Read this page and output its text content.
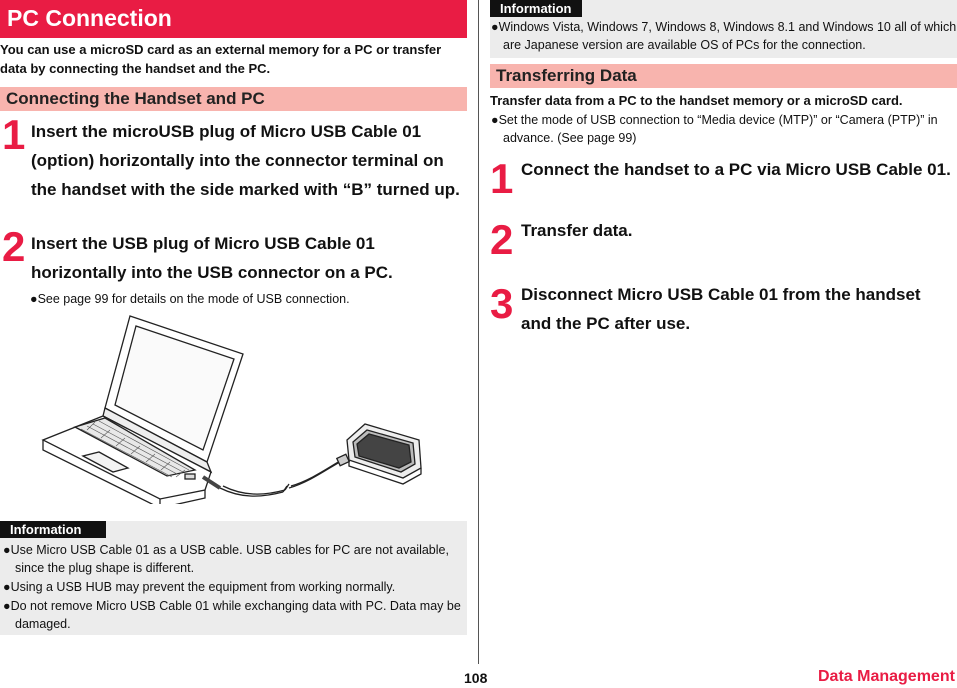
PC Connection
You can use a microSD card as an external memory for a PC or transfer data by connecting the handset and the PC.
Connecting the Handset and PC
1 Insert the microUSB plug of Micro USB Cable 01 (option) horizontally into the connector terminal on the handset with the side marked with “B” turned up.
2 Insert the USB plug of Micro USB Cable 01 horizontally into the USB connector on a PC.
●See page 99 for details on the mode of USB connection.
Information
●Use Micro USB Cable 01 as a USB cable. USB cables for PC are not available, since the plug shape is different.
●Using a USB HUB may prevent the equipment from working normally.
●Do not remove Micro USB Cable 01 while exchanging data with PC. Data may be damaged.
Information
●Windows Vista, Windows 7, Windows 8, Windows 8.1 and Windows 10 all of which are Japanese version are available OS of PCs for the connection.
Transferring Data
Transfer data from a PC to the handset memory or a microSD card.
●Set the mode of USB connection to “Media device (MTP)” or “Camera (PTP)” in advance. (See page 99)
1 Connect the handset to a PC via Micro USB Cable 01.
2 Transfer data.
3 Disconnect Micro USB Cable 01 from the handset and the PC after use.
108	Data Management
